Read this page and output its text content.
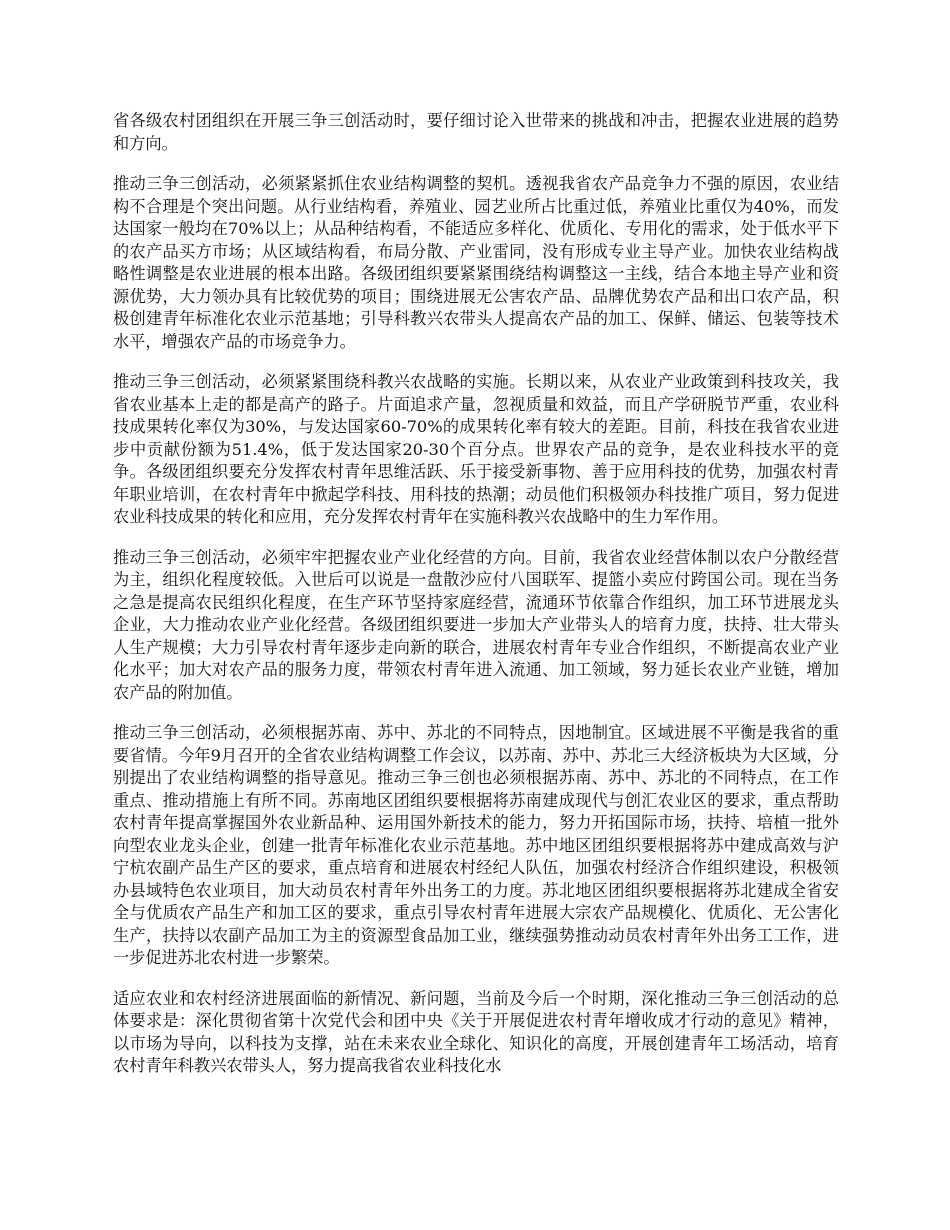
省各级农村团组织在开展三争三创活动时，要仔细讨论入世带来的挑战和冲击，把握农业进展的趋势和方向。

推动三争三创活动，必须紧紧抓住农业结构调整的契机。透视我省农产品竞争力不强的原因，农业结构不合理是个突出问题。从行业结构看，养殖业、园艺业所占比重过低，养殖业比重仅为40%，而发达国家一般均在70%以上；从品种结构看，不能适应多样化、优质化、专用化的需求，处于低水平下的农产品买方市场；从区域结构看，布局分散、产业雷同，没有形成专业主导产业。加快农业结构战略性调整是农业进展的根本出路。各级团组织要紧紧围绕结构调整这一主线，结合本地主导产业和资源优势，大力领办具有比较优势的项目；围绕进展无公害农产品、品牌优势农产品和出口农产品，积极创建青年标准化农业示范基地；引导科教兴农带头人提高农产品的加工、保鲜、储运、包装等技术水平，增强农产品的市场竞争力。

推动三争三创活动，必须紧紧围绕科教兴农战略的实施。长期以来，从农业产业政策到科技攻关，我省农业基本上走的都是高产的路子。片面追求产量，忽视质量和效益，而且产学研脱节严重，农业科技成果转化率仅为30%，与发达国家60-70%的成果转化率有较大的差距。目前，科技在我省农业进步中贡献份额为51.4%，低于发达国家20-30个百分点。世界农产品的竞争，是农业科技水平的竞争。各级团组织要充分发挥农村青年思维活跃、乐于接受新事物、善于应用科技的优势，加强农村青年职业培训，在农村青年中掀起学科技、用科技的热潮；动员他们积极领办科技推广项目，努力促进农业科技成果的转化和应用，充分发挥农村青年在实施科教兴农战略中的生力军作用。

推动三争三创活动，必须牢牢把握农业产业化经营的方向。目前，我省农业经营体制以农户分散经营为主，组织化程度较低。入世后可以说是一盘散沙应付八国联军、提篮小卖应付跨国公司。现在当务之急是提高农民组织化程度，在生产环节坚持家庭经营，流通环节依靠合作组织，加工环节进展龙头企业，大力推动农业产业化经营。各级团组织要进一步加大产业带头人的培育力度，扶持、壮大带头人生产规模；大力引导农村青年逐步走向新的联合，进展农村青年专业合作组织，不断提高农业产业化水平；加大对农产品的服务力度，带领农村青年进入流通、加工领域，努力延长农业产业链，增加农产品的附加值。

推动三争三创活动，必须根据苏南、苏中、苏北的不同特点，因地制宜。区域进展不平衡是我省的重要省情。今年9月召开的全省农业结构调整工作会议，以苏南、苏中、苏北三大经济板块为大区域，分别提出了农业结构调整的指导意见。推动三争三创也必须根据苏南、苏中、苏北的不同特点，在工作重点、推动措施上有所不同。苏南地区团组织要根据将苏南建成现代与创汇农业区的要求，重点帮助农村青年提高掌握国外农业新品种、运用国外新技术的能力，努力开拓国际市场，扶持、培植一批外向型农业龙头企业，创建一批青年标准化农业示范基地。苏中地区团组织要根据将苏中建成高效与沪宁杭农副产品生产区的要求，重点培育和进展农村经纪人队伍，加强农村经济合作组织建设，积极领办县域特色农业项目，加大动员农村青年外出务工的力度。苏北地区团组织要根据将苏北建成全省安全与优质农产品生产和加工区的要求，重点引导农村青年进展大宗农产品规模化、优质化、无公害化生产，扶持以农副产品加工为主的资源型食品加工业，继续强势推动动员农村青年外出务工工作，进一步促进苏北农村进一步繁荣。

适应农业和农村经济进展面临的新情况、新问题，当前及今后一个时期，深化推动三争三创活动的总体要求是：深化贯彻省第十次党代会和团中央《关于开展促进农村青年增收成才行动的意见》精神，以市场为导向，以科技为支撑，站在未来农业全球化、知识化的高度，开展创建青年工场活动，培育农村青年科教兴农带头人，努力提高我省农业科技化水
